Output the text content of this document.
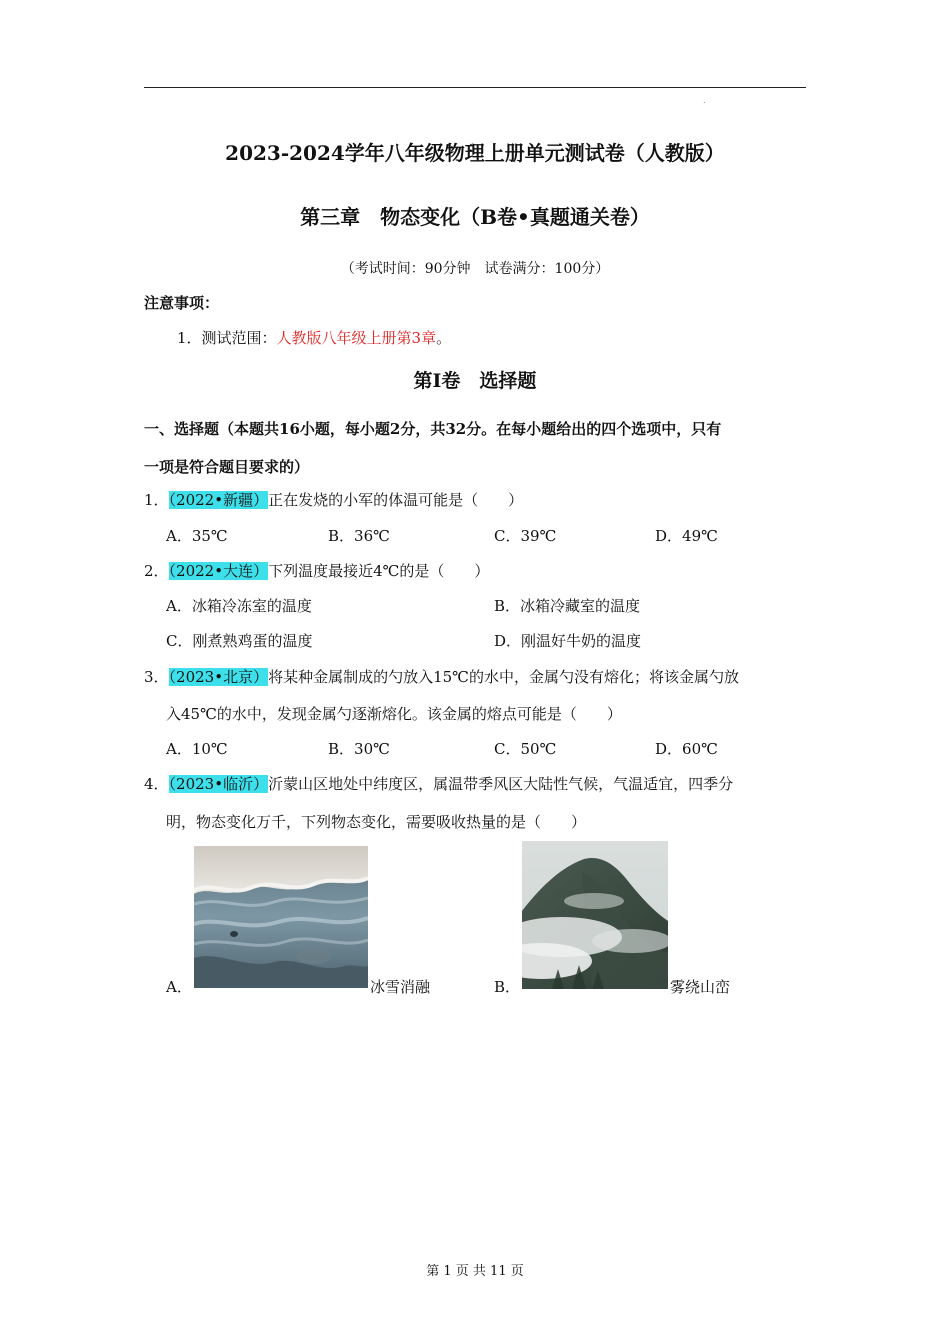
.
2023-2024学年八年级物理上册单元测试卷（人教版）
第三章　物态变化（B卷•真题通关卷）
（考试时间：90分钟　试卷满分：100分）
注意事项：
1．测试范围：人教版八年级上册第3章。
第Ⅰ卷　选择题
一、选择题（本题共16小题，每小题2分，共32分。在每小题给出的四个选项中，只有
一项是符合题目要求的）
1．（2022•新疆）正在发烧的小军的体温可能是（　　）
A．35℃	B．36℃	C．39℃	D．49℃
2．（2022•大连）下列温度最接近4℃的是（　　）
A．冰箱冷冻室的温度	B．冰箱冷藏室的温度
C．刚煮熟鸡蛋的温度	D．刚温好牛奶的温度
3．（2023•北京）将某种金属制成的勺放入15℃的水中，金属勺没有熔化；将该金属勺放
入45℃的水中，发现金属勺逐渐熔化。该金属的熔点可能是（　　）
A．10℃	B．30℃	C．50℃	D．60℃
4．（2023•临沂）沂蒙山区地处中纬度区，属温带季风区大陆性气候，气温适宜，四季分
明，物态变化万千，下列物态变化，需要吸收热量的是（　　）
A．	冰雪消融	B．	雾绕山峦
第 1 页 共 11 页
